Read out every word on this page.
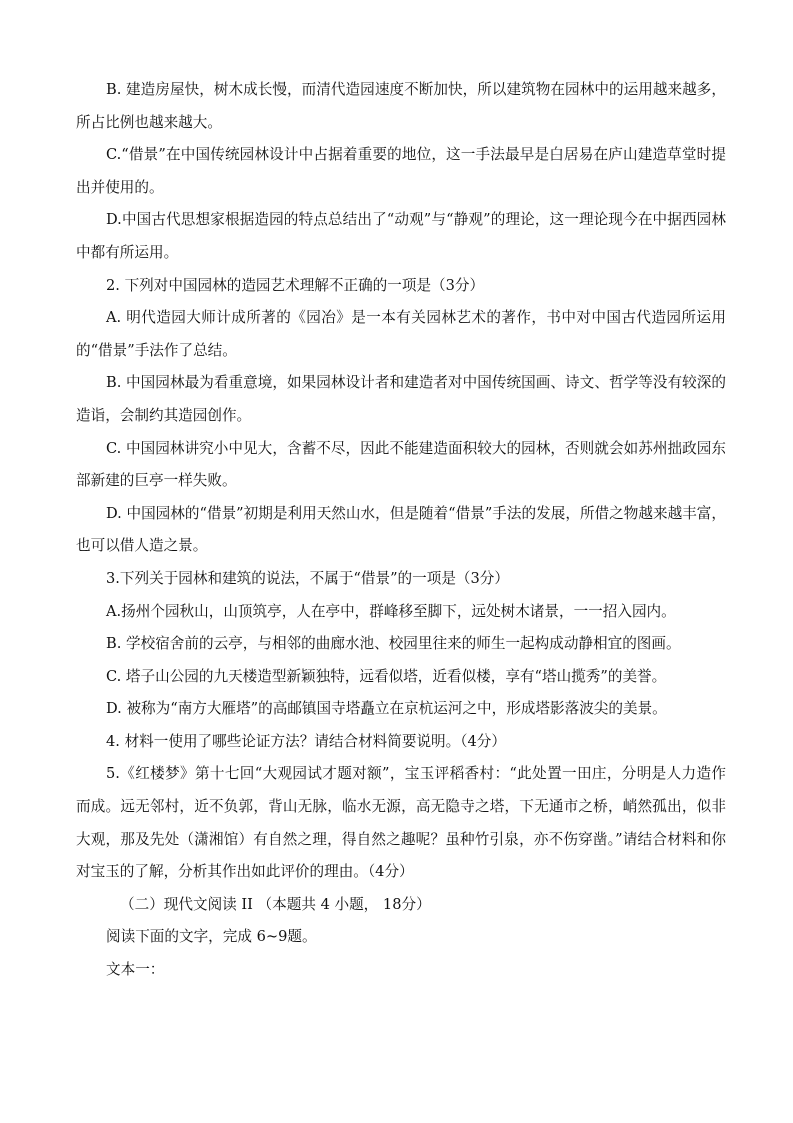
B. 建造房屋快，树木成长慢，而清代造园速度不断加快，所以建筑物在园林中的运用越来越多，所占比例也越来越大。

C.“借景”在中国传统园林设计中占据着重要的地位，这一手法最早是白居易在庐山建造草堂时提出并使用的。

D.中国古代思想家根据造园的特点总结出了“动观”与“静观”的理论，这一理论现今在中据西园林中都有所运用。

2. 下列对中国园林的造园艺术理解不正确的一项是（3分）

A. 明代造园大师计成所著的《园冶》是一本有关园林艺术的著作，书中对中国古代造园所运用的“借景”手法作了总结。

B. 中国园林最为看重意境，如果园林设计者和建造者对中国传统国画、诗文、哲学等没有较深的造诣，会制约其造园创作。

C. 中国园林讲究小中见大，含蓄不尽，因此不能建造面积较大的园林，否则就会如苏州拙政园东部新建的巨亭一样失败。

D. 中国园林的“借景”初期是利用天然山水，但是随着“借景”手法的发展，所借之物越来越丰富，也可以借人造之景。

3.下列关于园林和建筑的说法，不属于“借景”的一项是（3分）

A.扬州个园秋山，山顶筑亭，人在亭中，群峰移至脚下，远处树木诸景，一一招入园内。

B. 学校宿舍前的云亭，与相邻的曲廊水池、校园里往来的师生一起构成动静相宜的图画。

C. 塔子山公园的九天楼造型新颖独特，远看似塔，近看似楼，享有“塔山揽秀”的美誉。

D. 被称为“南方大雁塔”的高邮镇国寺塔矗立在京杭运河之中，形成塔影落波尖的美景。

4. 材料一使用了哪些论证方法？请结合材料简要说明。（4分）

5.《红楼梦》第十七回“大观园试才题对额”，宝玉评稻香村：“此处置一田庄，分明是人力造作而成。远无邻村，近不负郭，背山无脉，临水无源，高无隐寺之塔，下无通市之桥，峭然孤出，似非大观，那及先处（潇湘馆）有自然之理，得自然之趣呢？虽种竹引泉，亦不伤穿凿。”请结合材料和你对宝玉的了解，分析其作出如此评价的理由。（4分）

（二）现代文阅读 II （本题共 4 小题， 18分）

阅读下面的文字，完成 6~9题。

文本一：
